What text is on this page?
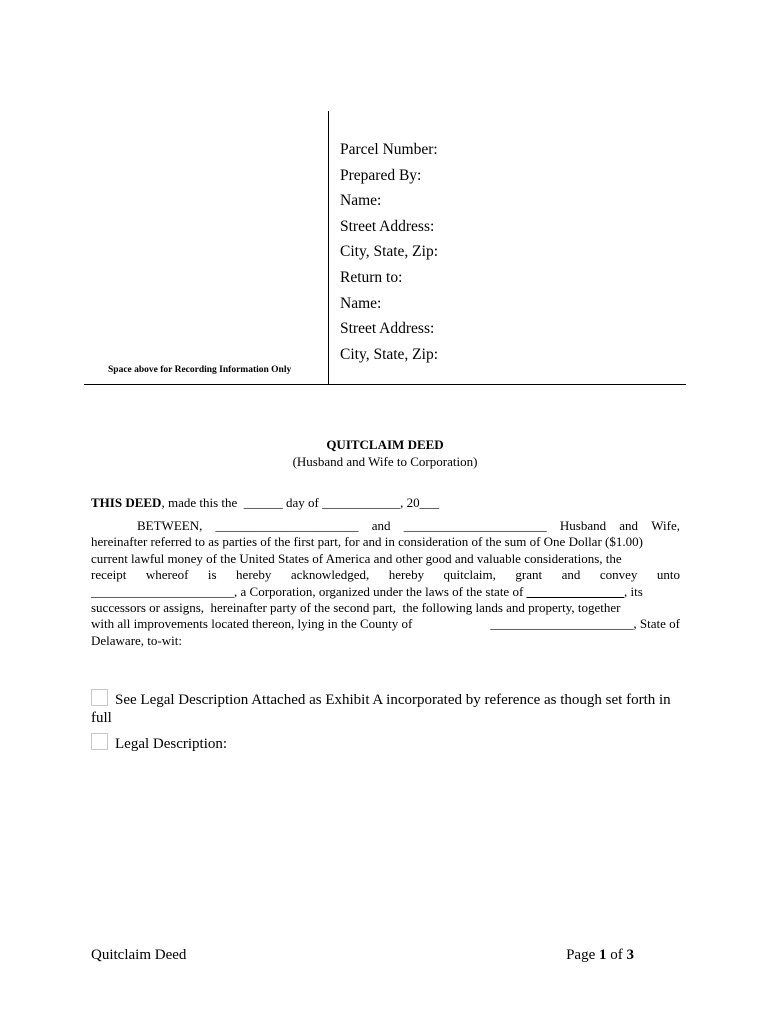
Parcel Number:
Prepared By:
Name:
Street Address:
City, State, Zip:
Return to:
Name:
Street Address:
City, State, Zip:
Space above for Recording Information Only
QUITCLAIM DEED
(Husband and Wife to Corporation)
THIS DEED, made this the  ______ day of ____________, 20___
BETWEEN, ______________________ and ______________________ Husband and Wife,
hereinafter referred to as parties of the first part, for and in consideration of the sum of One Dollar ($1.00)
current lawful money of the United States of America and other good and valuable considerations, the
receipt whereof is hereby acknowledged, hereby quitclaim, grant and convey unto
______________________, a Corporation, organized under the laws of the state of _______________, its
successors or assigns,  hereinafter party of the second part,  the following lands and property, together
with all improvements located thereon, lying in the County of	______________________, State of
Delaware, to-wit:
See Legal Description Attached as Exhibit A incorporated by reference as though set forth in full
Legal Description:
Quitclaim Deed	Page 1 of 3
